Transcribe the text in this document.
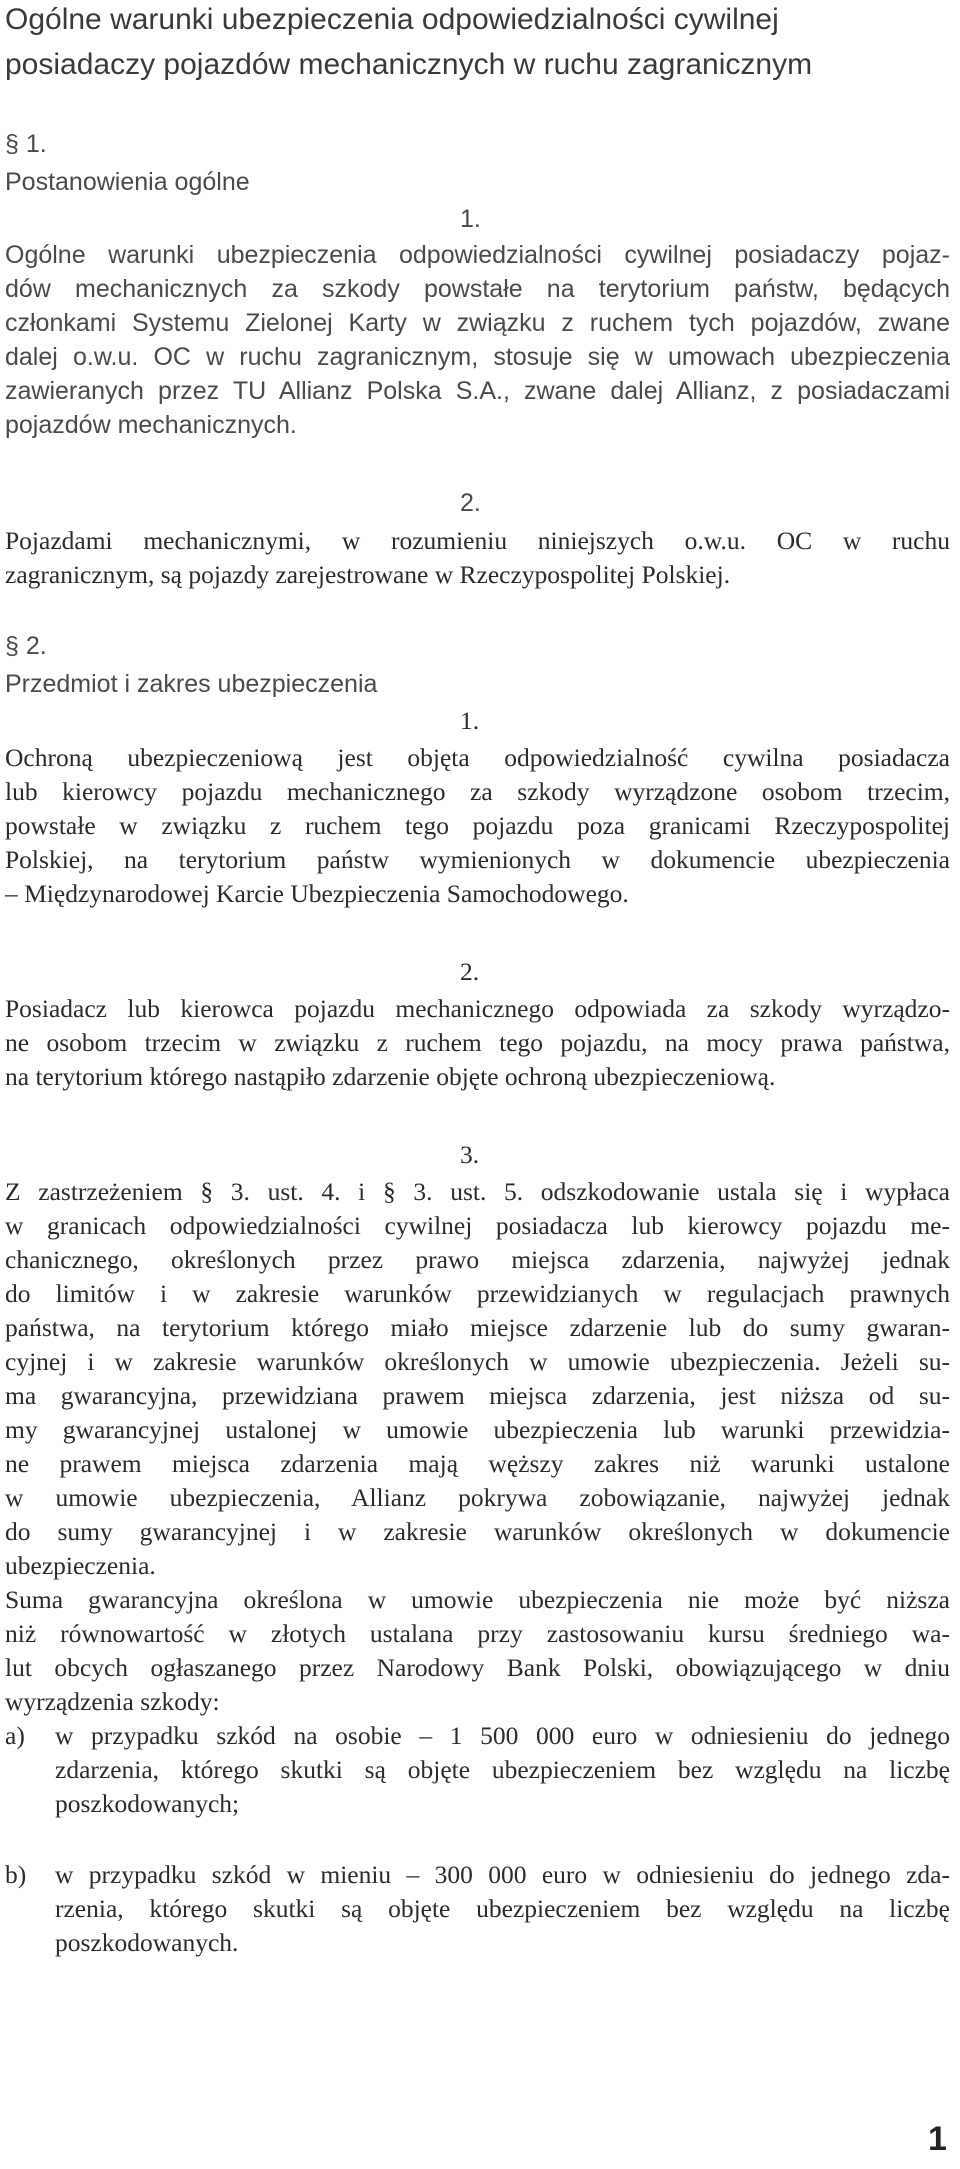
Ogólne warunki ubezpieczenia odpowiedzialności cywilnej
posiadaczy pojazdów mechanicznych w ruchu zagranicznym
§ 1.
Postanowienia ogólne
1.
Ogólne warunki ubezpieczenia odpowiedzialności cywilnej posiadaczy pojaz-
dów mechanicznych za szkody powstałe na terytorium państw, będących
członkami Systemu Zielonej Karty w związku z ruchem tych pojazdów, zwane
dalej o.w.u. OC w ruchu zagranicznym, stosuje się w umowach ubezpieczenia
zawieranych przez TU Allianz Polska S.A., zwane dalej Allianz, z posiadaczami
pojazdów mechanicznych.
2.
Pojazdami mechanicznymi, w rozumieniu niniejszych o.w.u. OC w ruchu
zagranicznym, są pojazdy zarejestrowane w Rzeczypospolitej Polskiej.
§ 2.
Przedmiot i zakres ubezpieczenia
1.
Ochroną ubezpieczeniową jest objęta odpowiedzialność cywilna posiadacza
lub kierowcy pojazdu mechanicznego za szkody wyrządzone osobom trzecim,
powstałe w związku z ruchem tego pojazdu poza granicami Rzeczypospolitej
Polskiej, na terytorium państw wymienionych w dokumencie ubezpieczenia
– Międzynarodowej Karcie Ubezpieczenia Samochodowego.
2.
Posiadacz lub kierowca pojazdu mechanicznego odpowiada za szkody wyrządzo-
ne osobom trzecim w związku z ruchem tego pojazdu, na mocy prawa państwa,
na terytorium którego nastąpiło zdarzenie objęte ochroną ubezpieczeniową.
3.
Z zastrzeżeniem § 3. ust. 4. i § 3. ust. 5. odszkodowanie ustala się i wypłaca
w granicach odpowiedzialności cywilnej posiadacza lub kierowcy pojazdu me-
chanicznego, określonych przez prawo miejsca zdarzenia, najwyżej jednak
do limitów i w zakresie warunków przewidzianych w regulacjach prawnych
państwa, na terytorium którego miało miejsce zdarzenie lub do sumy gwaran-
cyjnej i w zakresie warunków określonych w umowie ubezpieczenia. Jeżeli su-
ma gwarancyjna, przewidziana prawem miejsca zdarzenia, jest niższa od su-
my gwarancyjnej ustalonej w umowie ubezpieczenia lub warunki przewidzia-
ne prawem miejsca zdarzenia mają węższy zakres niż warunki ustalone
w umowie ubezpieczenia, Allianz pokrywa zobowiązanie, najwyżej jednak
do sumy gwarancyjnej i w zakresie warunków określonych w dokumencie
ubezpieczenia.
Suma gwarancyjna określona w umowie ubezpieczenia nie może być niższa
niż równowartość w złotych ustalana przy zastosowaniu kursu średniego wa-
lut obcych ogłaszanego przez Narodowy Bank Polski, obowiązującego w dniu
wyrządzenia szkody:
a) w przypadku szkód na osobie – 1 500 000 euro w odniesieniu do jednego
zdarzenia, którego skutki są objęte ubezpieczeniem bez względu na liczbę
poszkodowanych;
b) w przypadku szkód w mieniu – 300 000 euro w odniesieniu do jednego zda-
rzenia, którego skutki są objęte ubezpieczeniem bez względu na liczbę
poszkodowanych.
1
